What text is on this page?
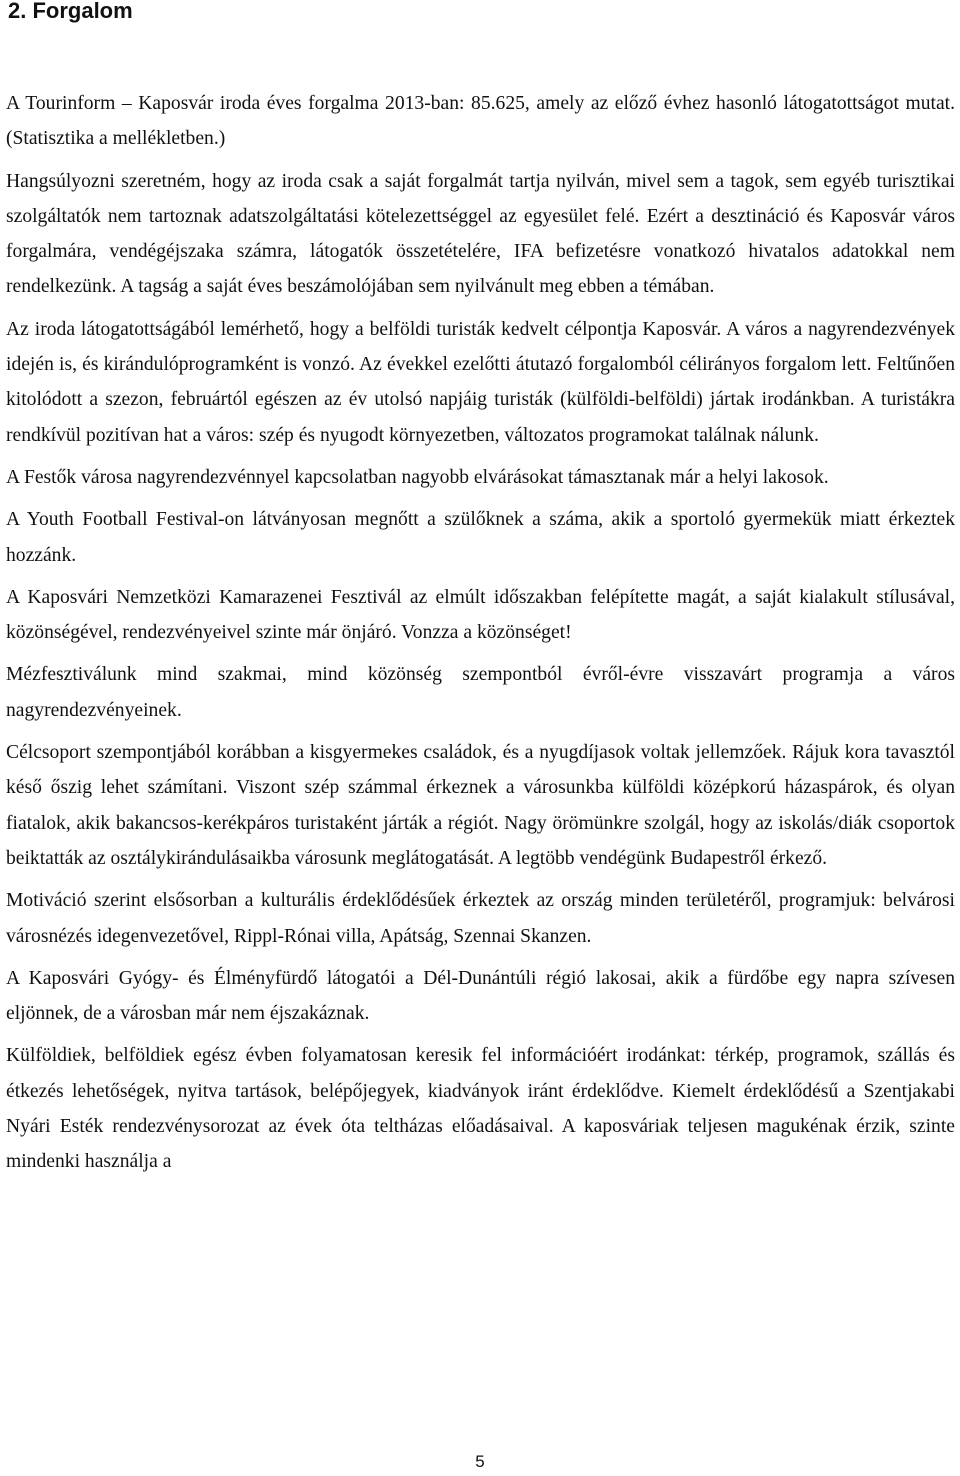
2. Forgalom

A Tourinform – Kaposvár iroda éves forgalma 2013-ban: 85.625, amely az előző évhez hasonló látogatottságot mutat. (Statisztika a mellékletben.)

Hangsúlyozni szeretném, hogy az iroda csak a saját forgalmát tartja nyilván, mivel sem a tagok, sem egyéb turisztikai szolgáltatók nem tartoznak adatszolgáltatási kötelezettséggel az egyesület felé. Ezért a desztináció és Kaposvár város forgalmára, vendégéjszaka számra, látogatók összetételére, IFA befizetésre vonatkozó hivatalos adatokkal nem rendelkezünk. A tagság a saját éves beszámolójában sem nyilvánult meg ebben a témában.

Az iroda látogatottságából lemérhető, hogy a belföldi turisták kedvelt célpontja Kaposvár. A város a nagyrendezvények idején is, és kirándulóprogramként is vonzó. Az évekkel ezelőtti átutazó forgalomból célirányos forgalom lett. Feltűnően kitolódott a szezon, februártól egészen az év utolsó napjáig turisták (külföldi-belföldi) jártak irodánkban. A turistákra rendkívül pozitívan hat a város: szép és nyugodt környezetben, változatos programokat találnak nálunk.

A Festők városa nagyrendezvénnyel kapcsolatban nagyobb elvárásokat támasztanak már a helyi lakosok.

A Youth Football Festival-on látványosan megnőtt a szülőknek a száma, akik a sportoló gyermekük miatt érkeztek hozzánk.

A Kaposvári Nemzetközi Kamarazenei Fesztivál az elmúlt időszakban felépítette magát, a saját kialakult stílusával, közönségével, rendezvényeivel szinte már önjáró. Vonzza a közönséget!

Mézfesztiválunk mind szakmai, mind közönség szempontból évről-évre visszavárt programja a város nagyrendezvényeinek.

Célcsoport szempontjából korábban a kisgyermekes családok, és a nyugdíjasok voltak jellemzőek. Rájuk kora tavasztól késő őszig lehet számítani. Viszont szép számmal érkeznek a városunkba külföldi középkorú házaspárok, és olyan fiatalok, akik bakancsos-kerékpáros turistaként járták a régiót. Nagy örömünkre szolgál, hogy az iskolás/diák csoportok beiktatták az osztálykirándulásaikba városunk meglátogatását. A legtöbb vendégünk Budapestről érkező.

Motiváció szerint elsősorban a kulturális érdeklődésűek érkeztek az ország minden területéről, programjuk: belvárosi városnézés idegenvezetővel, Rippl-Rónai villa, Apátság, Szennai Skanzen.

A Kaposvári Gyógy- és Élményfürdő látogatói a Dél-Dunántúli régió lakosai, akik a fürdőbe egy napra szívesen eljönnek, de a városban már nem éjszakáznak.

Külföldiek, belföldiek egész évben folyamatosan keresik fel információért irodánkat: térkép, programok, szállás és étkezés lehetőségek, nyitva tartások, belépőjegyek, kiadványok iránt érdeklődve. Kiemelt érdeklődésű a Szentjakabi Nyári Esték rendezvénysorozat az évek óta teltházas előadásaival. A kaposváriak teljesen magukénak érzik, szinte mindenki használja a

5
